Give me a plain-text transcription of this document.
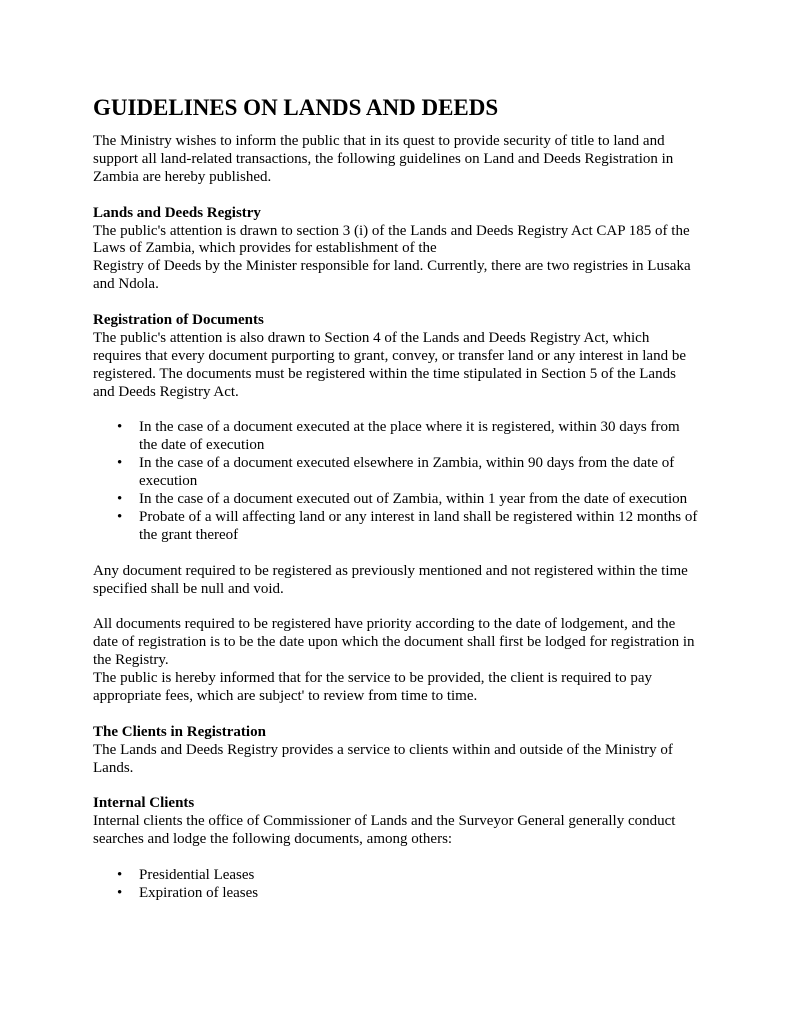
GUIDELINES ON LANDS AND DEEDS

The Ministry wishes to inform the public that in its quest to provide security of title to land and support all land-related transactions, the following guidelines on Land and Deeds Registration in Zambia are hereby published.

Lands and Deeds Registry
The public's attention is drawn to section 3 (i) of the Lands and Deeds Registry Act CAP 185 of the Laws of Zambia, which provides for establishment of the
Registry of Deeds by the Minister responsible for land. Currently, there are two registries in Lusaka and Ndola.

Registration of Documents
The public's attention is also drawn to Section 4 of the Lands and Deeds Registry Act, which requires that every document purporting to grant, convey, or transfer land or any interest in land be registered. The documents must be registered within the time stipulated in Section 5 of the Lands and Deeds Registry Act.

• In the case of a document executed at the place where it is registered, within 30 days from the date of execution
• In the case of a document executed elsewhere in Zambia, within 90 days from the date of execution
• In the case of a document executed out of Zambia, within 1 year from the date of execution
• Probate of a will affecting land or any interest in land shall be registered within 12 months of the grant thereof

Any document required to be registered as previously mentioned and not registered within the time specified shall be null and void.

All documents required to be registered have priority according to the date of lodgement, and the date of registration is to be the date upon which the document shall first be lodged for registration in the Registry.
The public is hereby informed that for the service to be provided, the client is required to pay appropriate fees, which are subject' to review from time to time.

The Clients in Registration
The Lands and Deeds Registry provides a service to clients within and outside of the Ministry of Lands.

Internal Clients
Internal clients the office of Commissioner of Lands and the Surveyor General generally conduct searches and lodge the following documents, among others:

• Presidential Leases
• Expiration of leases
